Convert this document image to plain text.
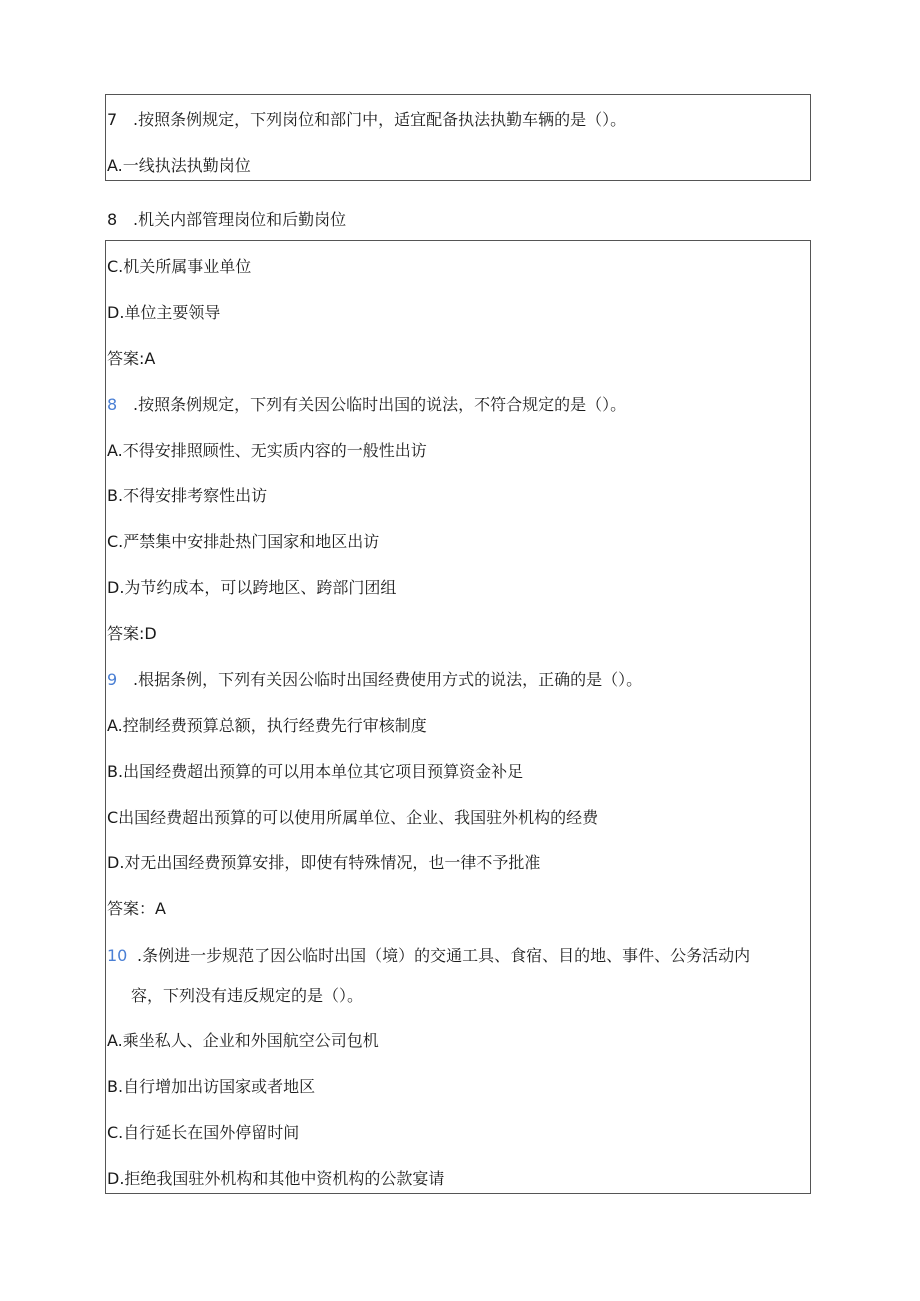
7 .按照条例规定，下列岗位和部门中，适宜配备执法执勤车辆的是（）。

A.一线执法执勤岗位

8 .机关内部管理岗位和后勤岗位

C.机关所属事业单位

D.单位主要领导

答案:A

8 .按照条例规定，下列有关因公临时出国的说法，不符合规定的是（）。

A.不得安排照顾性、无实质内容的一般性出访

B.不得安排考察性出访

C.严禁集中安排赴热门国家和地区出访

D.为节约成本，可以跨地区、跨部门团组

答案:D

9 .根据条例，下列有关因公临时出国经费使用方式的说法，正确的是（）。

A.控制经费预算总额，执行经费先行审核制度

B.出国经费超出预算的可以用本单位其它项目预算资金补足

C出国经费超出预算的可以使用所属单位、企业、我国驻外机构的经费

D.对无出国经费预算安排，即使有特殊情况，也一律不予批准

答案：A

10 .条例进一步规范了因公临时出国（境）的交通工具、食宿、目的地、事件、公务活动内

容，下列没有违反规定的是（）。

A.乘坐私人、企业和外国航空公司包机

B.自行增加出访国家或者地区

C.自行延长在国外停留时间

D.拒绝我国驻外机构和其他中资机构的公款宴请
